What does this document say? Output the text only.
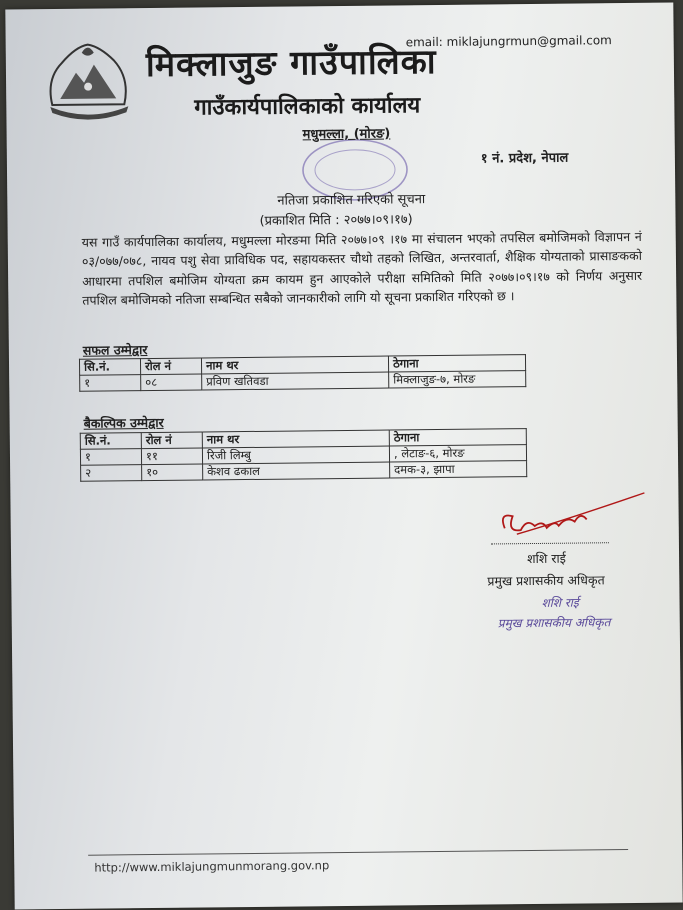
email: miklajungrmun@gmail.com
मिक्लाजुङ गाउँपालिका
गाउँकार्यपालिकाको कार्यालय
मधुमल्ला, (मोरङ)
१ नं. प्रदेश, नेपाल
नतिजा प्रकाशित गरिएको सूचना
(प्रकाशित मिति : २०७७।०९।१७)
यस गाउँ कार्यपालिका कार्यालय, मधुमल्ला मोरङमा मिति २०७७।०९ ।१७ मा संचालन भएको तपसिल बमोजिमको विज्ञापन नं ०३/०७७/०७८, नायव पशु सेवा प्राविधिक पद, सहायकस्तर चौथो तहको लिखित, अन्तरवार्ता, शैक्षिक योग्यताको प्रासाङकको आधारमा तपशिल बमोजिम योग्यता क्रम कायम हुन आएकोले परीक्षा समितिको मिति २०७७।०९।१७ को निर्णय अनुसार तपशिल बमोजिमको नतिजा सम्बन्धित सबैको जानकारीको लागि यो सूचना प्रकाशित गरिएको छ ।
सफल उम्मेद्वार
सि.नं.	रोल नं	नाम थर	ठेगाना
१	०८	प्रविण खतिवडा	मिक्लाजुङ-७, मोरङ
बैकल्पिक उम्मेद्वार
सि.नं.	रोल नं	नाम थर	ठेगाना
१	११	रिजी लिम्बु	, लेटाङ-६, मोरङ
२	१०	केशव ढकाल	दमक-३, झापा
शशि राई
प्रमुख प्रशासकीय अधिकृत
शशि राई
प्रमुख प्रशासकीय अधिकृत
http://www.miklajungmunmorang.gov.np
